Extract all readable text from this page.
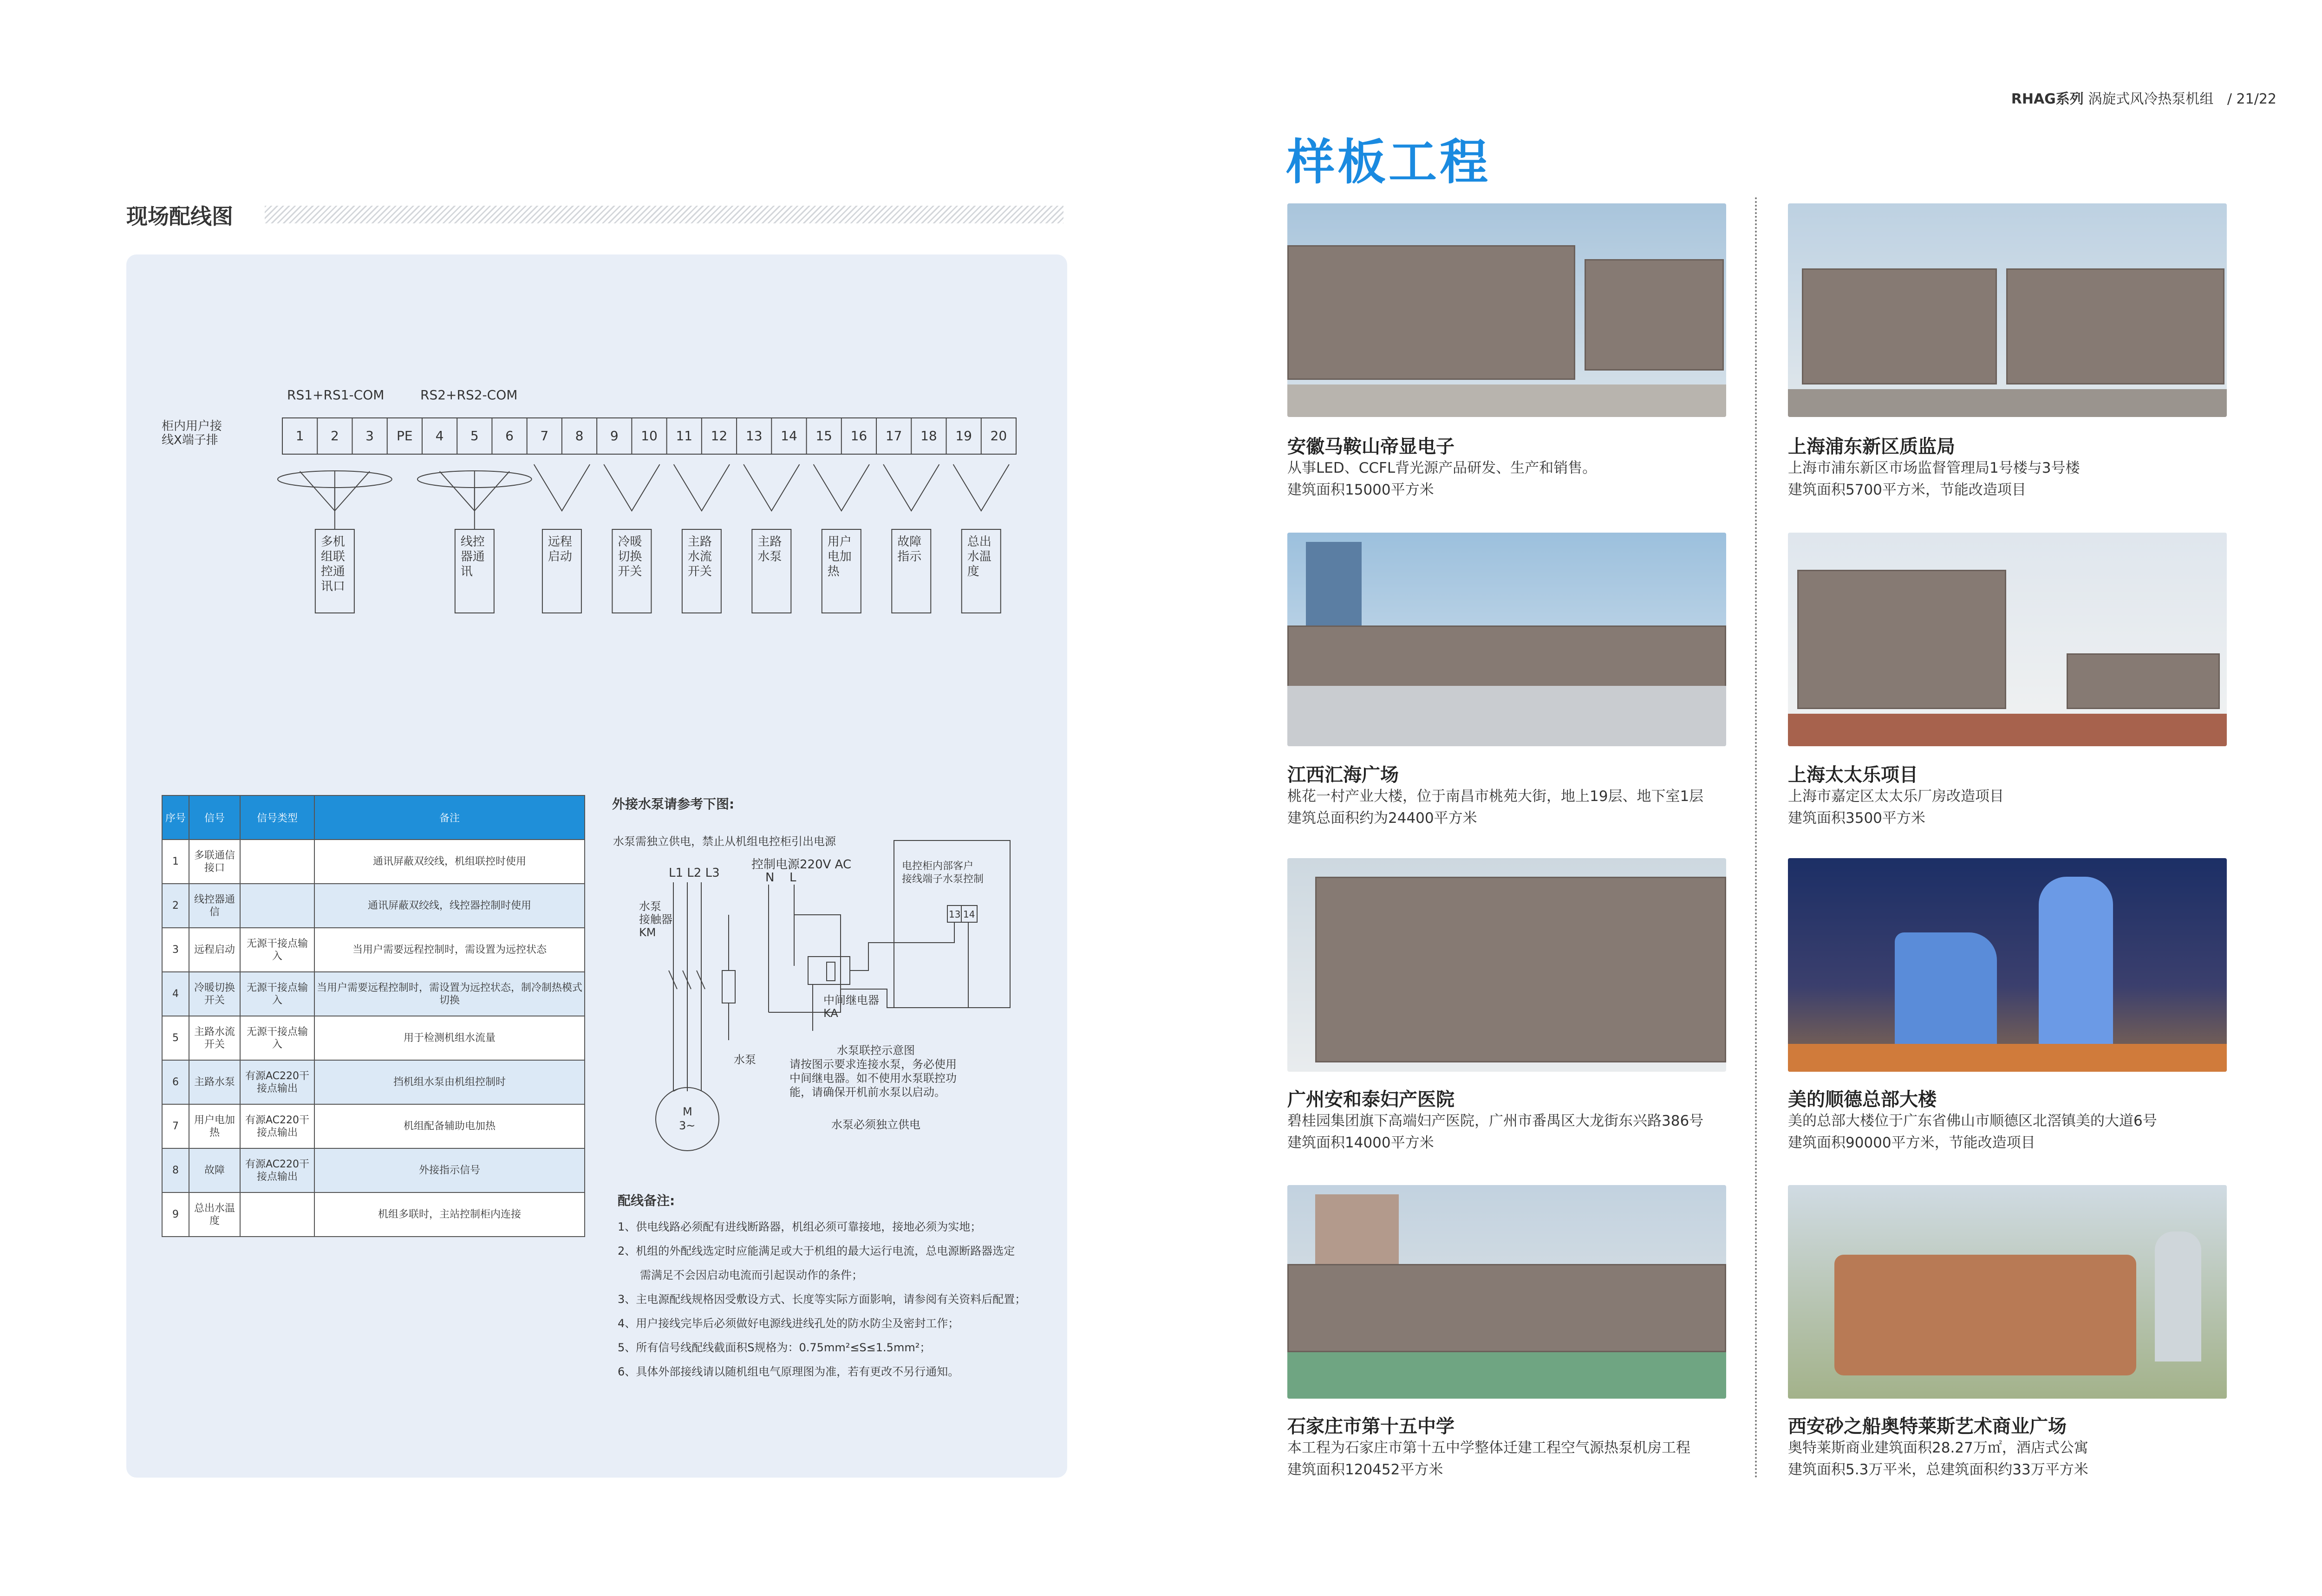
RHAG系列 涡旋式风冷热泵机组 / 21/22
现场配线图
RS1+RS1-COM	RS2+RS2-COM
柜内用户接
线X端子排	1 2 3 PE 4 5 6 7 8 9 10 11 12 13 14 15 16 17 18 19 20
多机
组联
控通
讯口
线控
器通
讯
远程
启动
冷暖
切换
开关
主路
水流
开关
主路
水泵
用户
电加
热
故障
指示
总出
水温
度
序号	信号	信号类型	备注
1	多联通信接口		通讯屏蔽双绞线，机组联控时使用
2	线控器通信		通讯屏蔽双绞线，线控器控制时使用
3	远程启动	无源干接点输入	当用户需要远程控制时，需设置为远控状态
4	冷暖切换开关	无源干接点输入	当用户需要远程控制时，需设置为远控状态，制冷制热模式切换
5	主路水流开关	无源干接点输入	用于检测机组水流量
6	主路水泵	有源AC220干接点输出	挡机组水泵由机组控制时
7	用户电加热	有源AC220干接点输出	机组配备辅助电加热
8	故障	有源AC220干接点输出	外接指示信号
9	总出水温度		机组多联时，主站控制柜内连接
外接水泵请参考下图:
水泵需独立供电，禁止从机组电控柜引出电源
L1 L2 L3
控制电源220V AC
N L
电控柜内部客户
接线端子水泵控制
13 14
水泵
接触器
KM
中间继电器
KA
水泵
M
3~
水泵联控示意图
请按图示要求连接水泵，务必使用
中间继电器。如不使用水泵联控功
能，请确保开机前水泵以启动。
水泵必须独立供电
配线备注:
1、供电线路必须配有进线断路器，机组必须可靠接地，接地必须为实地；
2、机组的外配线选定时应能满足或大于机组的最大运行电流，总电源断路器选定
　　需满足不会因启动电流而引起误动作的条件；
3、主电源配线规格因受敷设方式、长度等实际方面影响，请参阅有关资料后配置；
4、用户接线完毕后必须做好电源线进线孔处的防水防尘及密封工作；
5、所有信号线配线截面积S规格为：0.75mm²≤S≤1.5mm²；
6、具体外部接线请以随机组电气原理图为准，若有更改不另行通知。
样板工程
安徽马鞍山帝显电子
从事LED、CCFL背光源产品研发、生产和销售。
建筑面积15000平方米
上海浦东新区质监局
上海市浦东新区市场监督管理局1号楼与3号楼
建筑面积5700平方米，节能改造项目
江西汇海广场
桃花一村产业大楼，位于南昌市桃苑大街，地上19层、地下室1层
建筑总面积约为24400平方米
上海太太乐项目
上海市嘉定区太太乐厂房改造项目
建筑面积3500平方米
广州安和泰妇产医院
碧桂园集团旗下高端妇产医院，广州市番禺区大龙街东兴路386号
建筑面积14000平方米
美的顺德总部大楼
美的总部大楼位于广东省佛山市顺德区北滘镇美的大道6号
建筑面积90000平方米，节能改造项目
石家庄市第十五中学
本工程为石家庄市第十五中学整体迁建工程空气源热泵机房工程
建筑面积120452平方米
西安砂之船奥特莱斯艺术商业广场
奥特莱斯商业建筑面积28.27万㎡，酒店式公寓
建筑面积5.3万平米，总建筑面积约33万平方米
